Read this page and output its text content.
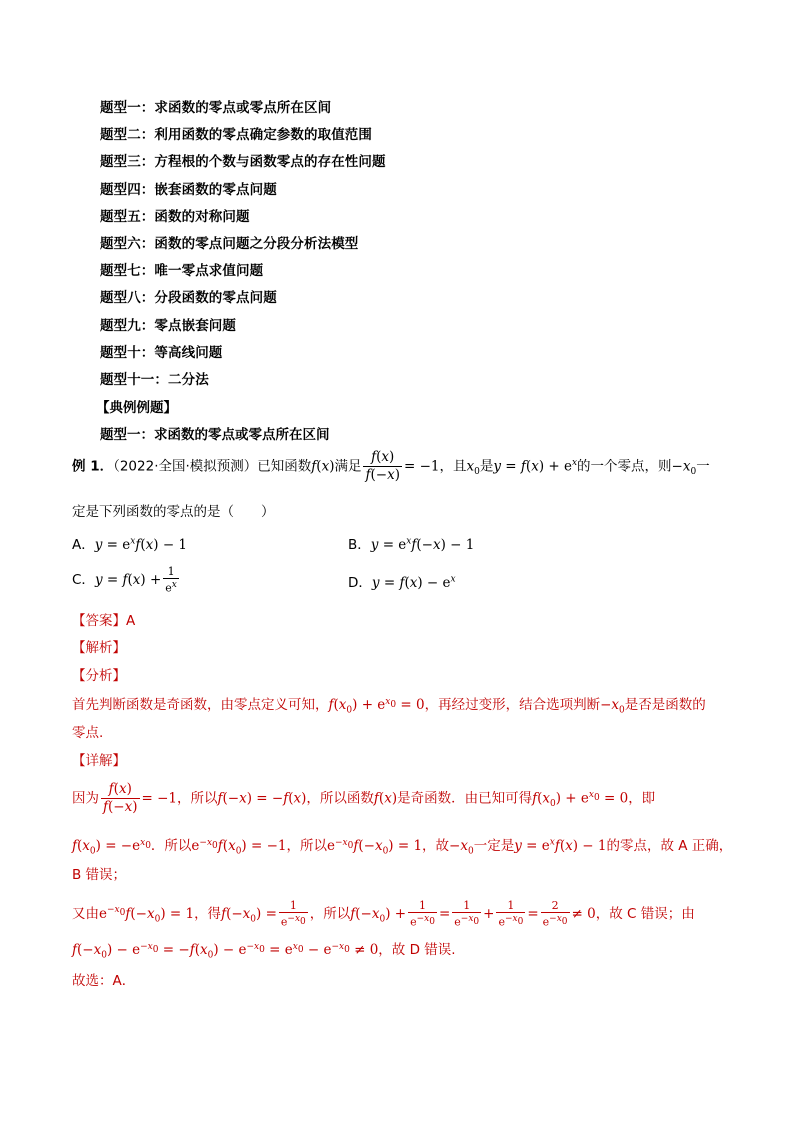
题型一：求函数的零点或零点所在区间
题型二：利用函数的零点确定参数的取值范围
题型三：方程根的个数与函数零点的存在性问题
题型四：嵌套函数的零点问题
题型五：函数的对称问题
题型六：函数的零点问题之分段分析法模型
题型七：唯一零点求值问题
题型八：分段函数的零点问题
题型九：零点嵌套问题
题型十：等高线问题
题型十一：二分法
【典例例题】
题型一：求函数的零点或零点所在区间
例 1．（2022·全国·模拟预测）已知函数f(x)满足 $\frac{f(x)}{f(-x)} = -1$，且$x_0$是$y = f(x) + e^x$的一个零点，则$-x_0$一
定是下列函数的零点的是（　　）
A．$y = e^xf(x) - 1$	B．$y = e^xf(-x) - 1$
C．$y = f(x) + \frac{1}{e^x}$	D．$y = f(x) - e^x$
【答案】A
【解析】
【分析】
首先判断函数是奇函数，由零点定义可知，$f(x_0) + e^{x_0} = 0$，再经过变形，结合选项判断$-x_0$是否是函数的
零点.
【详解】
因为 $\frac{f(x)}{f(-x)} = -1$，所以f(−x) = −f(x)，所以函数f(x)是奇函数．由已知可得$f(x_0) + e^{x_0} = 0$，即
$f(x_0) = -e^{x_0}$．所以$e^{-x_0}f(x_0) = -1$，所以$e^{-x_0}f(-x_0) = 1$，故$-x_0$一定是$y = e^xf(x) - 1$的零点，故 A 正确，
B 错误；
又由$e^{-x_0}f(-x_0) = 1$，得$f(-x_0) = \frac{1}{e^{-x_0}}$ ，所以$f(-x_0) + \frac{1}{e^{-x_0}} = \frac{1}{e^{-x_0}} + \frac{1}{e^{-x_0}} = \frac{2}{e^{-x_0}} \ne 0$，故 C 错误；由
$f(-x_0) - e^{-x_0} = -f(x_0) - e^{-x_0} = e^{x_0} - e^{-x_0} \ne 0$，故 D 错误.
故选：A．
